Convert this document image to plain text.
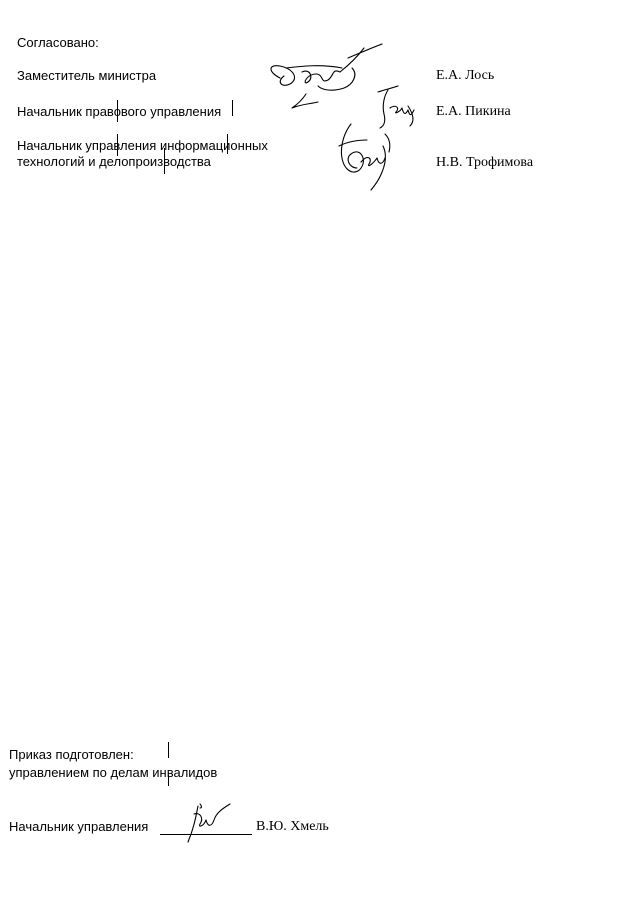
Согласовано:
Заместитель министра	Е.А. Лось
Начальник правового управления	Е.А. Пикина
Начальник управления информационных
технологий и делопроизводства	Н.В. Трофимова
Приказ подготовлен:
управлением по делам инвалидов
Начальник управления	В.Ю. Хмель
